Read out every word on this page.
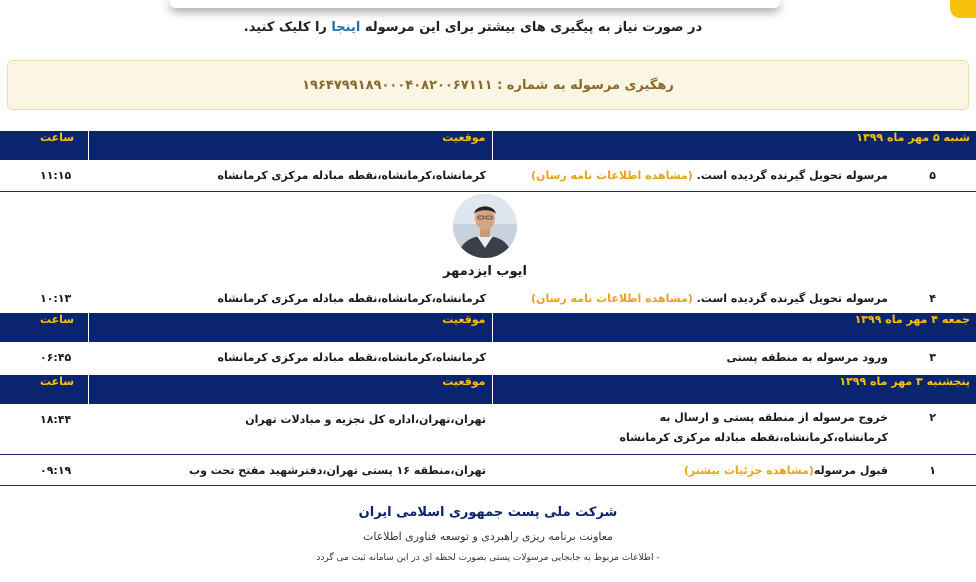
در صورت نیاز به پیگیری های بیشتر برای این مرسوله اینجا را کلیک کنید.
رهگیری مرسوله به شماره : ۱۹۶۴۷۹۹۱۸۹۰۰۰۴۰۸۲۰۰۶۷۱۱۱
شنبه ۵ مهر ماه ۱۳۹۹	موقعیت	ساعت
۵مرسوله تحویل گیرنده گردیده است. (مشاهده اطلاعات نامه رسان)	کرمانشاه،کرمانشاه،نقطه مبادله مرکزی کرمانشاه	۱۱:۱۵
ایوب ایزدمهر
۴مرسوله تحویل گیرنده گردیده است. (مشاهده اطلاعات نامه رسان)	کرمانشاه،کرمانشاه،نقطه مبادله مرکزی کرمانشاه	۱۰:۱۳
جمعه ۴ مهر ماه ۱۳۹۹	موقعیت	ساعت
۳ورود مرسوله به منطقه پستی	کرمانشاه،کرمانشاه،نقطه مبادله مرکزی کرمانشاه	۰۶:۴۵
پنجشنبه ۳ مهر ماه ۱۳۹۹	موقعیت	ساعت

۲
خروج مرسوله از منطقه پستی و ارسال به کرمانشاه،کرمانشاه،نقطه مبادله مرکزی کرمانشاه	تهران،تهران،اداره کل تجزیه و مبادلات تهران	۱۸:۴۴
۱قبول مرسوله(مشاهده جزئیات بیشتر)	تهران،منطقه ۱۶ پستی تهران،دفترشهید مفتح تحت وب	۰۹:۱۹
شرکت ملی پست جمهوری اسلامی ایران
معاونت برنامه ریزی راهبردی و توسعه فناوری اطلاعات
- اطلاعات مربوط به جابجایی مرسولات پستی بصورت لحظه ای در این سامانه ثبت می گردد
